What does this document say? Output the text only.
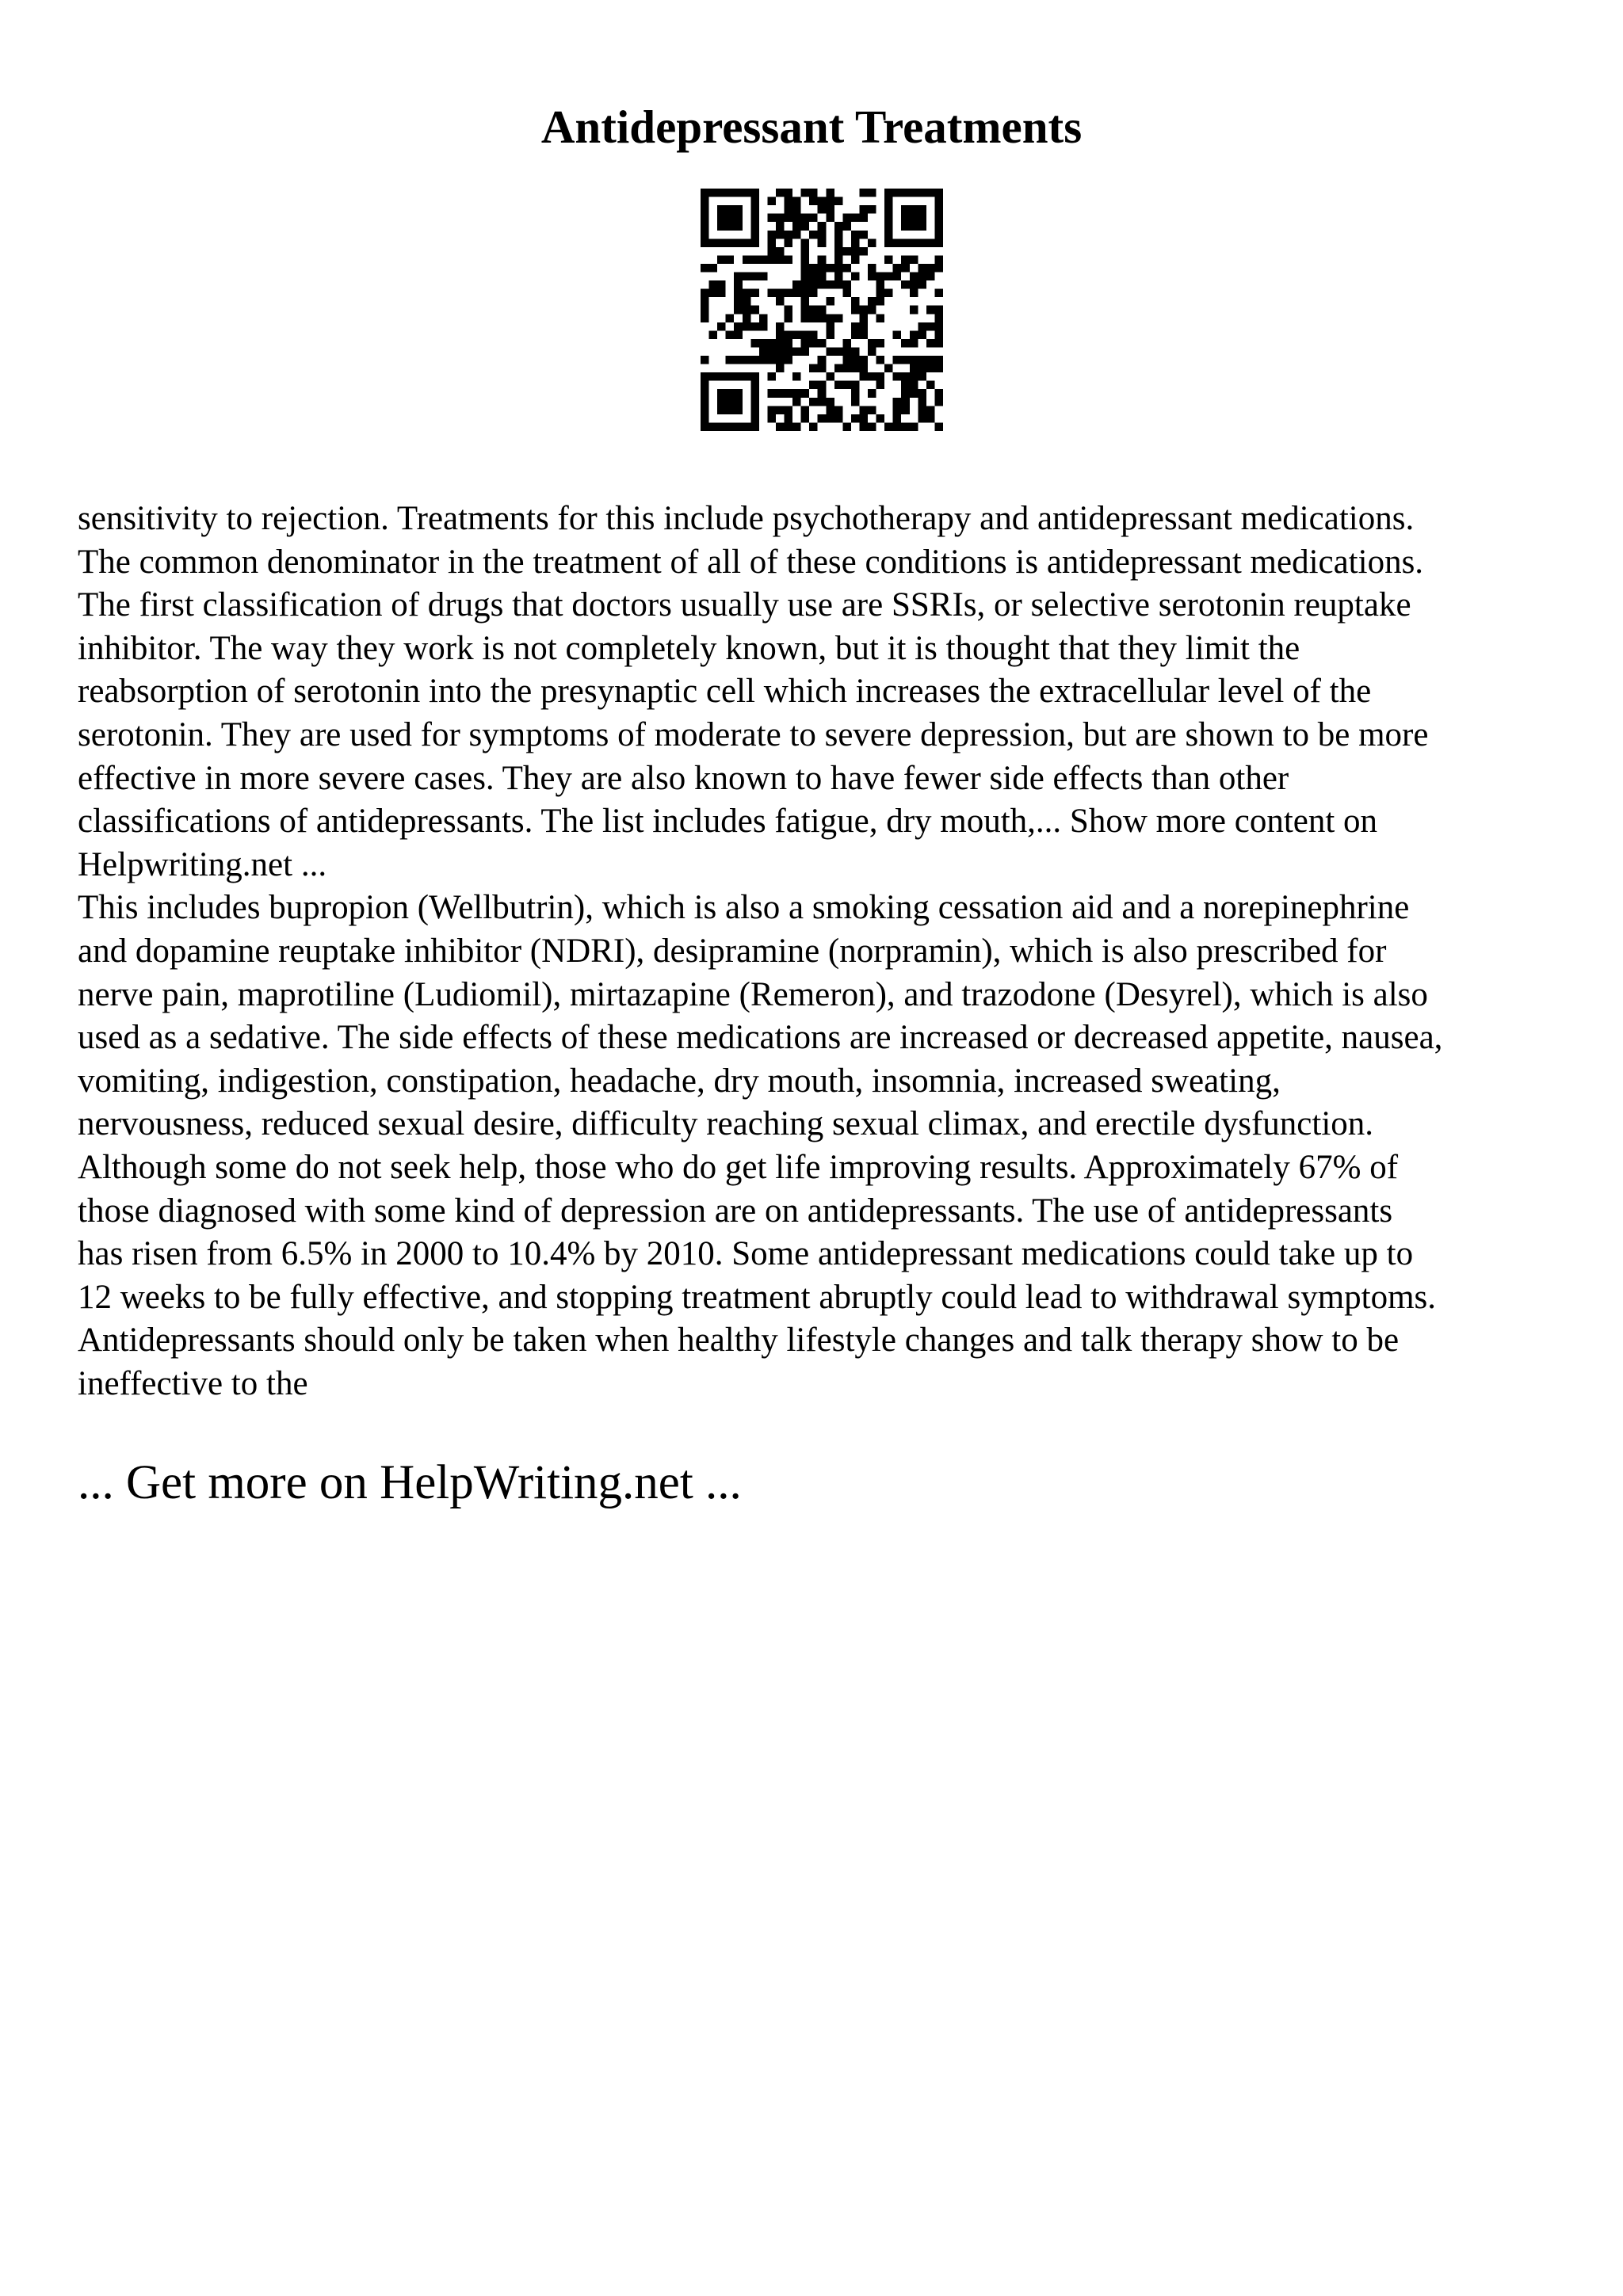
Antidepressant Treatments
sensitivity to rejection. Treatments for this include psychotherapy and antidepressant medications.
The common denominator in the treatment of all of these conditions is antidepressant medications.
The first classification of drugs that doctors usually use are SSRIs, or selective serotonin reuptake
inhibitor. The way they work is not completely known, but it is thought that they limit the
reabsorption of serotonin into the presynaptic cell which increases the extracellular level of the
serotonin. They are used for symptoms of moderate to severe depression, but are shown to be more
effective in more severe cases. They are also known to have fewer side effects than other
classifications of antidepressants. The list includes fatigue, dry mouth,... Show more content on
Helpwriting.net ...
This includes bupropion (Wellbutrin), which is also a smoking cessation aid and a norepinephrine
and dopamine reuptake inhibitor (NDRI), desipramine (norpramin), which is also prescribed for
nerve pain, maprotiline (Ludiomil), mirtazapine (Remeron), and trazodone (Desyrel), which is also
used as a sedative. The side effects of these medications are increased or decreased appetite, nausea,
vomiting, indigestion, constipation, headache, dry mouth, insomnia, increased sweating,
nervousness, reduced sexual desire, difficulty reaching sexual climax, and erectile dysfunction.
Although some do not seek help, those who do get life improving results. Approximately 67% of
those diagnosed with some kind of depression are on antidepressants. The use of antidepressants
has risen from 6.5% in 2000 to 10.4% by 2010. Some antidepressant medications could take up to
12 weeks to be fully effective, and stopping treatment abruptly could lead to withdrawal symptoms.
Antidepressants should only be taken when healthy lifestyle changes and talk therapy show to be
ineffective to the

... Get more on HelpWriting.net ...
